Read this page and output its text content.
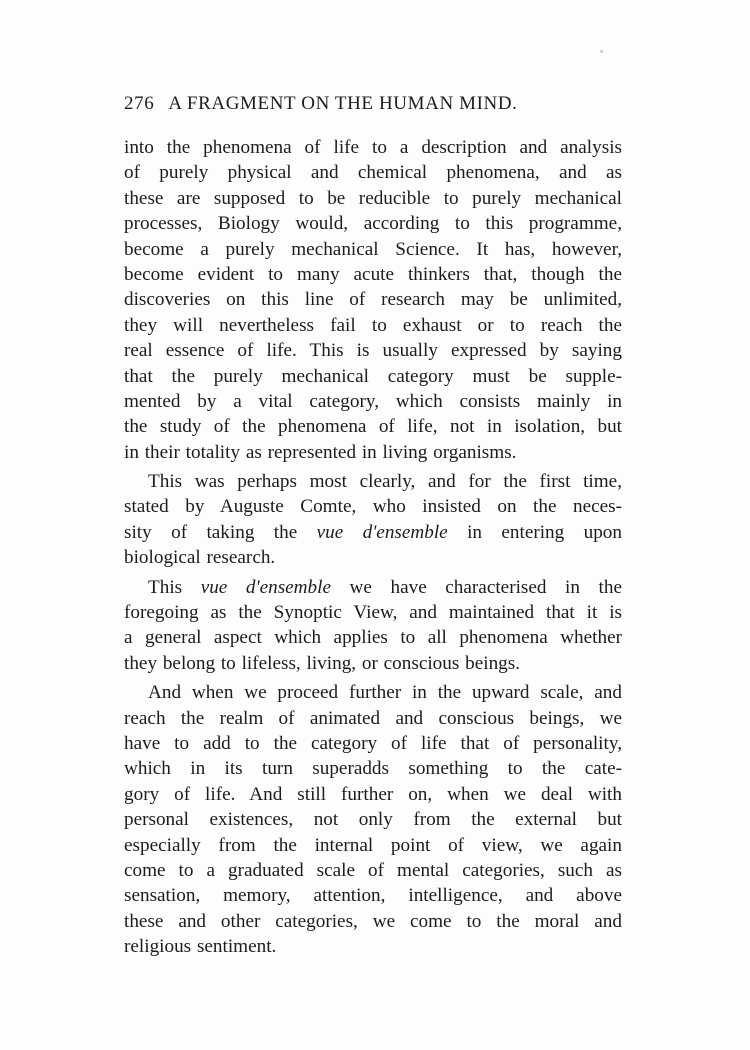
276 A FRAGMENT ON THE HUMAN MIND.
into the phenomena of life to a description and analysis
of purely physical and chemical phenomena, and as
these are supposed to be reducible to purely mechanical
processes, Biology would, according to this programme,
become a purely mechanical Science. It has, however,
become evident to many acute thinkers that, though the
discoveries on this line of research may be unlimited,
they will nevertheless fail to exhaust or to reach the
real essence of life. This is usually expressed by saying
that the purely mechanical category must be supple-
mented by a vital category, which consists mainly in
the study of the phenomena of life, not in isolation, but
in their totality as represented in living organisms.
This was perhaps most clearly, and for the first time,
stated by Auguste Comte, who insisted on the neces-
sity of taking the vue d'ensemble in entering upon
biological research.
This vue d'ensemble we have characterised in the
foregoing as the Synoptic View, and maintained that it is
a general aspect which applies to all phenomena whether
they belong to lifeless, living, or conscious beings.
And when we proceed further in the upward scale, and
reach the realm of animated and conscious beings, we
have to add to the category of life that of personality,
which in its turn superadds something to the cate-
gory of life. And still further on, when we deal with
personal existences, not only from the external but
especially from the internal point of view, we again
come to a graduated scale of mental categories, such as
sensation, memory, attention, intelligence, and above
these and other categories, we come to the moral and
religious sentiment.
